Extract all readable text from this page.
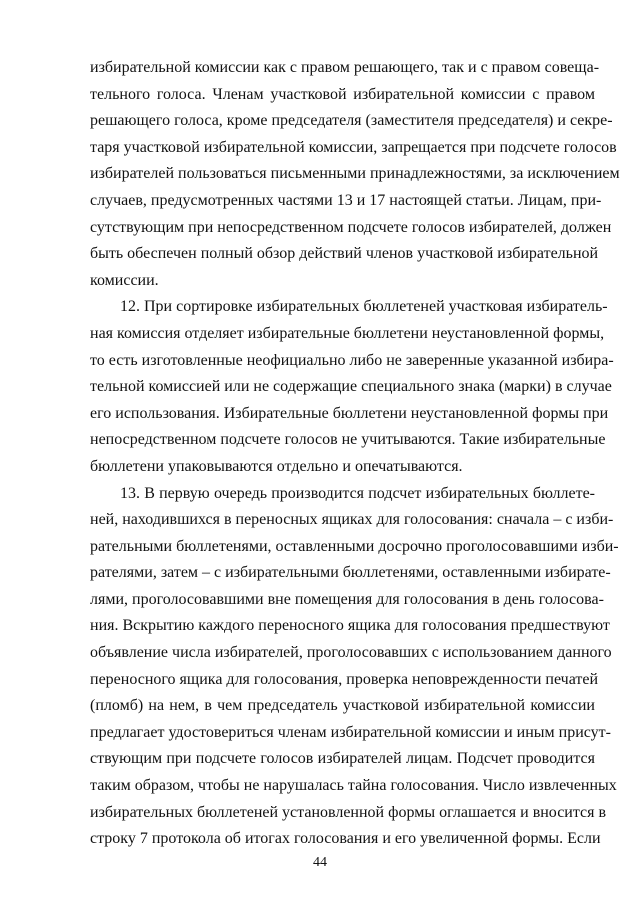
избирательной комиссии как с правом решающего, так и с правом совеща-
тельного голоса. Членам участковой избирательной комиссии с правом
решающего голоса, кроме председателя (заместителя председателя) и секре-
таря участковой избирательной комиссии, запрещается при подсчете голосов
избирателей пользоваться письменными принадлежностями, за исключением
случаев, предусмотренных частями 13 и 17 настоящей статьи. Лицам, при-
сутствующим при непосредственном подсчете голосов избирателей, должен
быть обеспечен полный обзор действий членов участковой избирательной
комиссии.
12. При сортировке избирательных бюллетеней участковая избиратель-
ная комиссия отделяет избирательные бюллетени неустановленной формы,
то есть изготовленные неофициально либо не заверенные указанной избира-
тельной комиссией или не содержащие специального знака (марки) в случае
его использования. Избирательные бюллетени неустановленной формы при
непосредственном подсчете голосов не учитываются. Такие избирательные
бюллетени упаковываются отдельно и опечатываются.
13. В первую очередь производится подсчет избирательных бюллете-
ней, находившихся в переносных ящиках для голосования: сначала – с изби-
рательными бюллетенями, оставленными досрочно проголосовавшими изби-
рателями, затем – с избирательными бюллетенями, оставленными избирате-
лями, проголосовавшими вне помещения для голосования в день голосова-
ния. Вскрытию каждого переносного ящика для голосования предшествуют
объявление числа избирателей, проголосовавших с использованием данного
переносного ящика для голосования, проверка неповрежденности печатей
(пломб) на нем, в чем председатель участковой избирательной комиссии
предлагает удостовериться членам избирательной комиссии и иным присут-
ствующим при подсчете голосов избирателей лицам. Подсчет проводится
таким образом, чтобы не нарушалась тайна голосования. Число извлеченных
избирательных бюллетеней установленной формы оглашается и вносится в
строку 7 протокола об итогах голосования и его увеличенной формы. Если
44
